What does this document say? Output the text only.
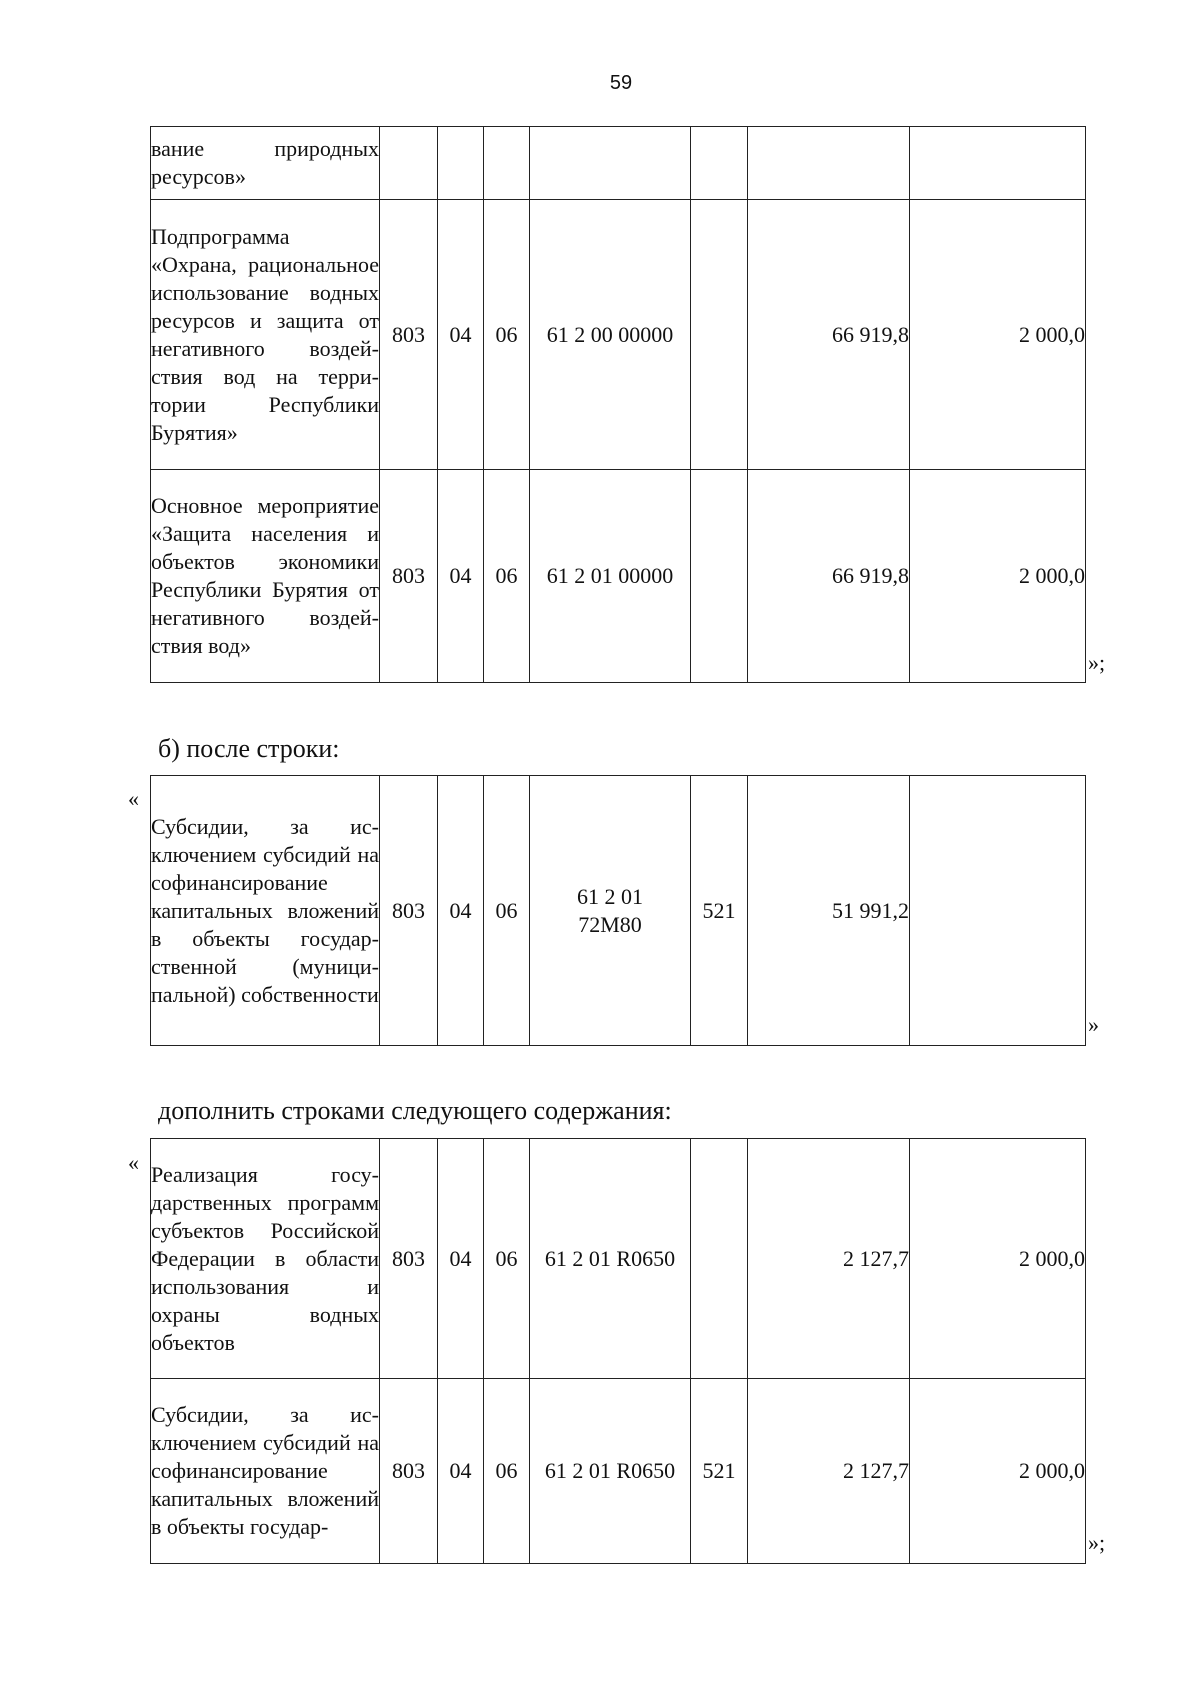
59
вание природных ресурсов»							
Подпрограмма «Охрана, рациональное использование водных ресурсов и защита от негативного воздействия вод на территории Республики Бурятия»	803	04	06	61 2 00 00000		66 919,8	2 000,0
Основное мероприятие «Защита населения и объектов экономики Республики Бурятия от негативного воздействия вод»	803	04	06	61 2 01 00000		66 919,8	2 000,0
»;
б) после строки:
«
Субсидии, за исключением субсидий на софинансирование капитальных вложений в объекты государственной (муниципальной) собственности	803	04	06	61 2 01 72М80	521	51 991,2	
»
дополнить строками следующего содержания:
« Реализация государственных программ субъектов Российской Федерации в области использования и охраны водных объектов	803	04	06	61 2 01 R0650		2 127,7	2 000,0
Субсидии, за исключением субсидий на софинансирование капитальных вложений в объекты государ-	803	04	06	61 2 01 R0650	521	2 127,7	2 000,0
»;
